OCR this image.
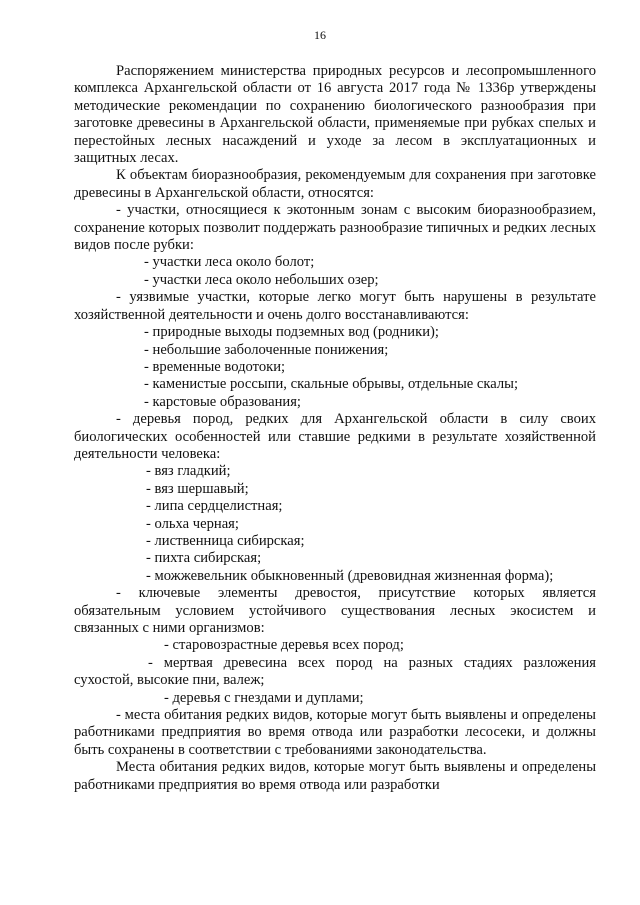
16

Распоряжением министерства природных ресурсов и лесопромышленного комплекса Архангельской области от 16 августа 2017 года № 1336р утверждены методические рекомендации по сохранению биологического разнообразия при заготовке древесины в Архангельской области, применяемые при рубках спелых и перестойных лесных насаждений и уходе за лесом в эксплуатационных и защитных лесах.

К объектам биоразнообразия, рекомендуемым для сохранения при заготовке древесины в Архангельской области, относятся:

- участки, относящиеся к экотонным зонам с высоким биоразнообразием, сохранение которых позволит поддержать разнообразие типичных и редких лесных видов после рубки:

- участки леса около болот;

- участки леса около небольших озер;

- уязвимые участки, которые легко могут быть нарушены в результате хозяйственной деятельности и очень долго восстанавливаются:

- природные выходы подземных вод (родники);

- небольшие заболоченные понижения;

- временные водотоки;

- каменистые россыпи, скальные обрывы, отдельные скалы;

- карстовые образования;

- деревья пород, редких для Архангельской области в силу своих биологических особенностей или ставшие редкими в результате хозяйственной деятельности человека:

- вяз гладкий;

- вяз шершавый;

- липа сердцелистная;

- ольха черная;

- лиственница сибирская;

- пихта сибирская;

- можжевельник обыкновенный (древовидная жизненная форма);

- ключевые элементы древостоя, присутствие которых является обязательным условием устойчивого существования лесных экосистем и связанных с ними организмов:

- старовозрастные деревья всех пород;

- мертвая древесина всех пород на разных стадиях разложения сухостой, высокие пни, валеж;

- деревья с гнездами и дуплами;

- места обитания редких видов, которые могут быть выявлены и определены работниками предприятия во время отвода или разработки лесосеки, и должны быть сохранены в соответствии с требованиями законодательства.

Места обитания редких видов, которые могут быть выявлены и определены работниками предприятия во время отвода или разработки
